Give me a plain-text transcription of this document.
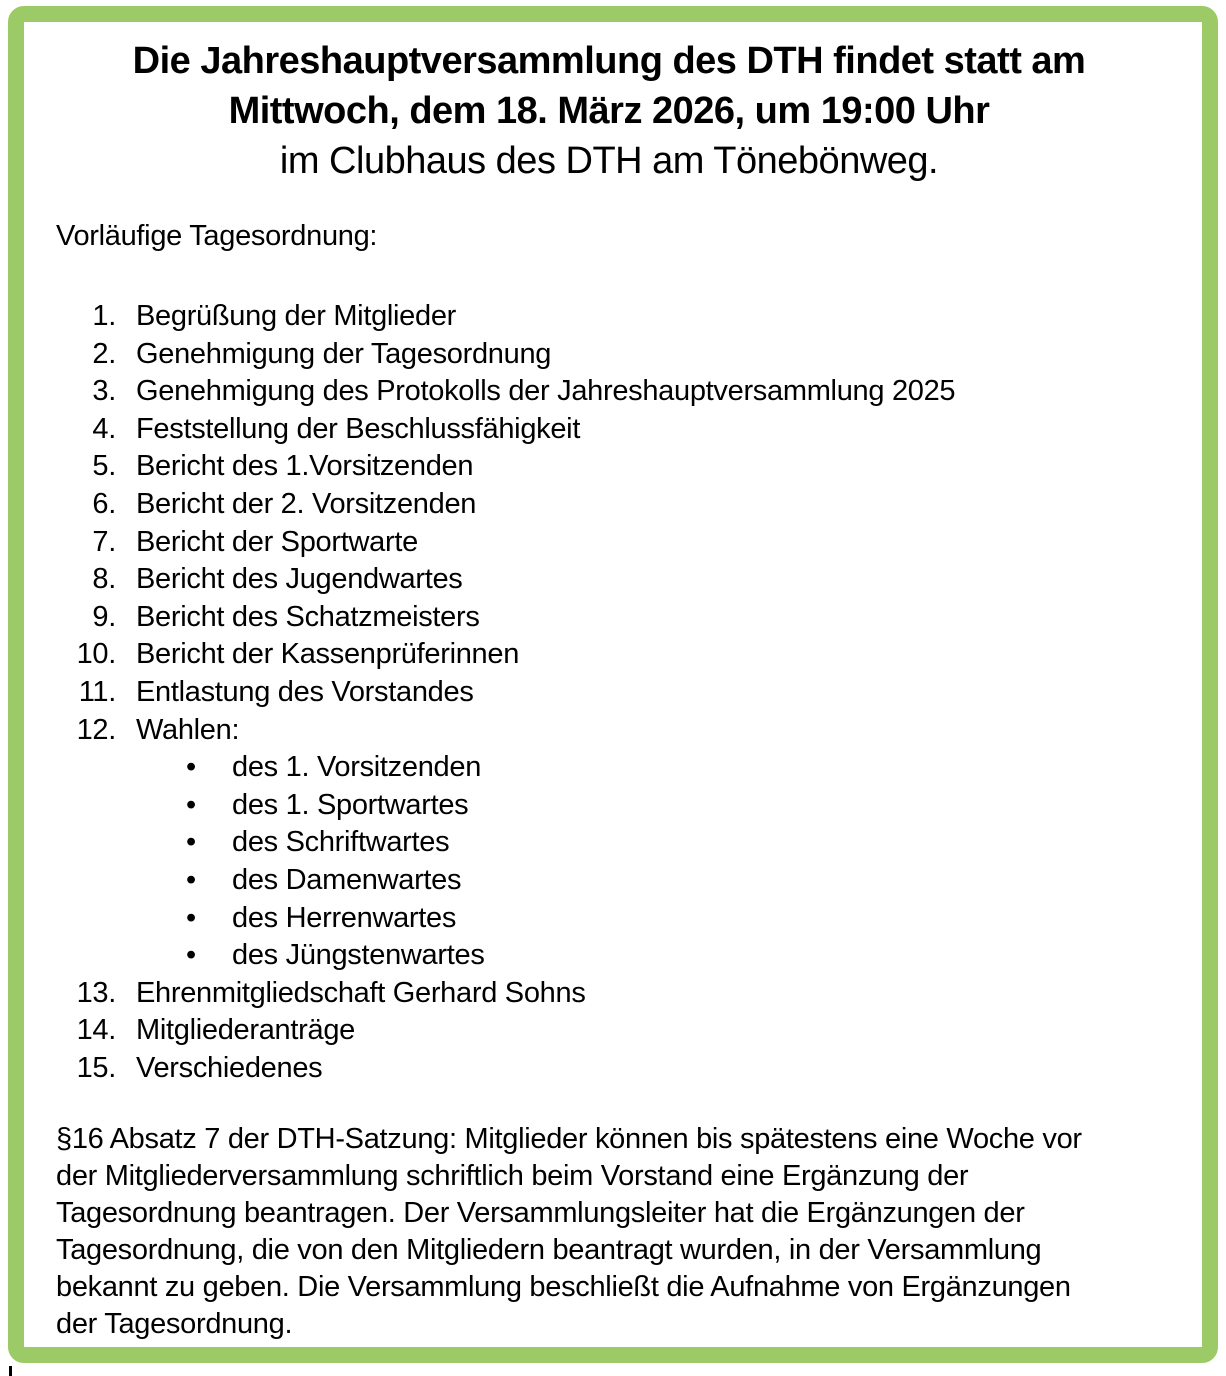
Die Jahreshauptversammlung des DTH findet statt am
Mittwoch, dem 18. März 2026, um 19:00 Uhr
im Clubhaus des DTH am Tönebönweg.
Vorläufige Tagesordnung:
1. Begrüßung der Mitglieder
2. Genehmigung der Tagesordnung
3. Genehmigung des Protokolls der Jahreshauptversammlung 2025
4. Feststellung der Beschlussfähigkeit
5. Bericht des 1.Vorsitzenden
6. Bericht der 2. Vorsitzenden
7. Bericht der Sportwarte
8. Bericht des Jugendwartes
9. Bericht des Schatzmeisters
10. Bericht der Kassenprüferinnen
11. Entlastung des Vorstandes
12. Wahlen:
•	des 1. Vorsitzenden
•	des 1. Sportwartes
•	des Schriftwartes
•	des Damenwartes
•	des Herrenwartes
•	des Jüngstenwartes
13. Ehrenmitgliedschaft Gerhard Sohns
14. Mitgliederanträge
15. Verschiedenes
§16 Absatz 7 der DTH-Satzung: Mitglieder können bis spätestens eine Woche vor
der Mitgliederversammlung schriftlich beim Vorstand eine Ergänzung der
Tagesordnung beantragen. Der Versammlungsleiter hat die Ergänzungen der
Tagesordnung, die von den Mitgliedern beantragt wurden, in der Versammlung
bekannt zu geben. Die Versammlung beschließt die Aufnahme von Ergänzungen
der Tagesordnung.
